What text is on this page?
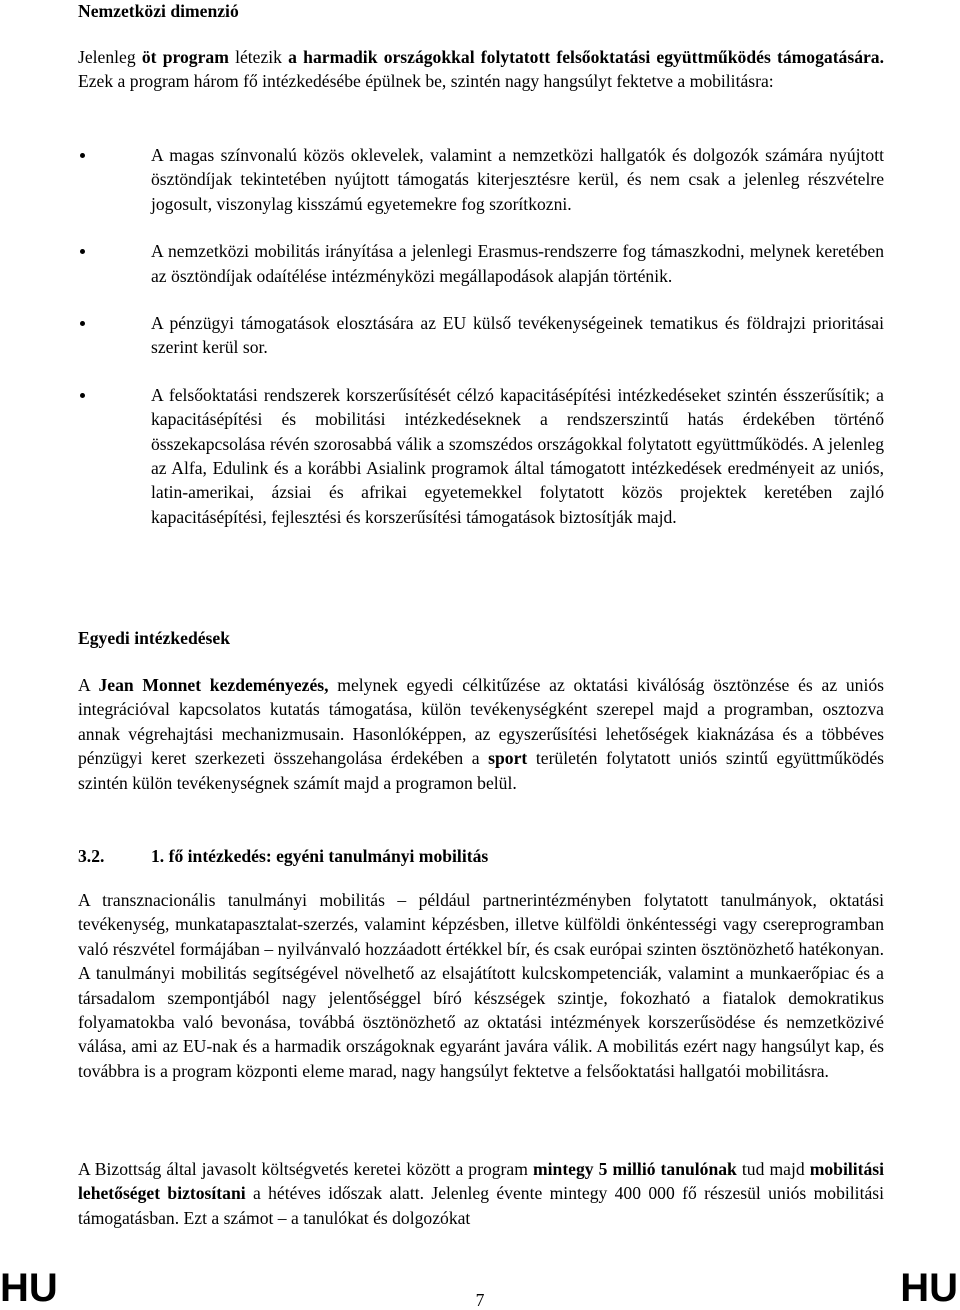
Nemzetközi dimenzió

Jelenleg öt program létezik a harmadik országokkal folytatott felsőoktatási együttműködés támogatására. Ezek a program három fő intézkedésébe épülnek be, szintén nagy hangsúlyt fektetve a mobilitásra:

A magas színvonalú közös oklevelek, valamint a nemzetközi hallgatók és dolgozók számára nyújtott ösztöndíjak tekintetében nyújtott támogatás kiterjesztésre kerül, és nem csak a jelenleg részvételre jogosult, viszonylag kisszámú egyetemekre fog szorítkozni.

A nemzetközi mobilitás irányítása a jelenlegi Erasmus-rendszerre fog támaszkodni, melynek keretében az ösztöndíjak odaítélése intézményközi megállapodások alapján történik.

A pénzügyi támogatások elosztására az EU külső tevékenységeinek tematikus és földrajzi prioritásai szerint kerül sor.

A felsőoktatási rendszerek korszerűsítését célzó kapacitásépítési intézkedéseket szintén ésszerűsítik; a kapacitásépítési és mobilitási intézkedéseknek a rendszerszintű hatás érdekében történő összekapcsolása révén szorosabbá válik a szomszédos országokkal folytatott együttműködés. A jelenleg az Alfa, Edulink és a korábbi Asialink programok által támogatott intézkedések eredményeit az uniós, latin-amerikai, ázsiai és afrikai egyetemekkel folytatott közös projektek keretében zajló kapacitásépítési, fejlesztési és korszerűsítési támogatások biztosítják majd.

Egyedi intézkedések

A Jean Monnet kezdeményezés, melynek egyedi célkitűzése az oktatási kiválóság ösztönzése és az uniós integrációval kapcsolatos kutatás támogatása, külön tevékenységként szerepel majd a programban, osztozva annak végrehajtási mechanizmusain. Hasonlóképpen, az egyszerűsítési lehetőségek kiaknázása és a többéves pénzügyi keret szerkezeti összehangolása érdekében a sport területén folytatott uniós szintű együttműködés szintén külön tevékenységnek számít majd a programon belül.

3.2.	1. fő intézkedés: egyéni tanulmányi mobilitás

A transznacionális tanulmányi mobilitás – például partnerintézményben folytatott tanulmányok, oktatási tevékenység, munkatapasztalat-szerzés, valamint képzésben, illetve külföldi önkéntességi vagy csereprogramban való részvétel formájában – nyilvánvaló hozzáadott értékkel bír, és csak európai szinten ösztönözhető hatékonyan. A tanulmányi mobilitás segítségével növelhető az elsajátított kulcskompetenciák, valamint a munkaerőpiac és a társadalom szempontjából nagy jelentőséggel bíró készségek szintje, fokozható a fiatalok demokratikus folyamatokba való bevonása, továbbá ösztönözhető az oktatási intézmények korszerűsödése és nemzetközivé válása, ami az EU-nak és a harmadik országoknak egyaránt javára válik. A mobilitás ezért nagy hangsúlyt kap, és továbbra is a program központi eleme marad, nagy hangsúlyt fektetve a felsőoktatási hallgatói mobilitásra.

A Bizottság által javasolt költségvetés keretei között a program mintegy 5 millió tanulónak tud majd mobilitási lehetőséget biztosítani a hétéves időszak alatt. Jelenleg évente mintegy 400 000 fő részesül uniós mobilitási támogatásban. Ezt a számot – a tanulókat és dolgozókat

HU	7	HU
